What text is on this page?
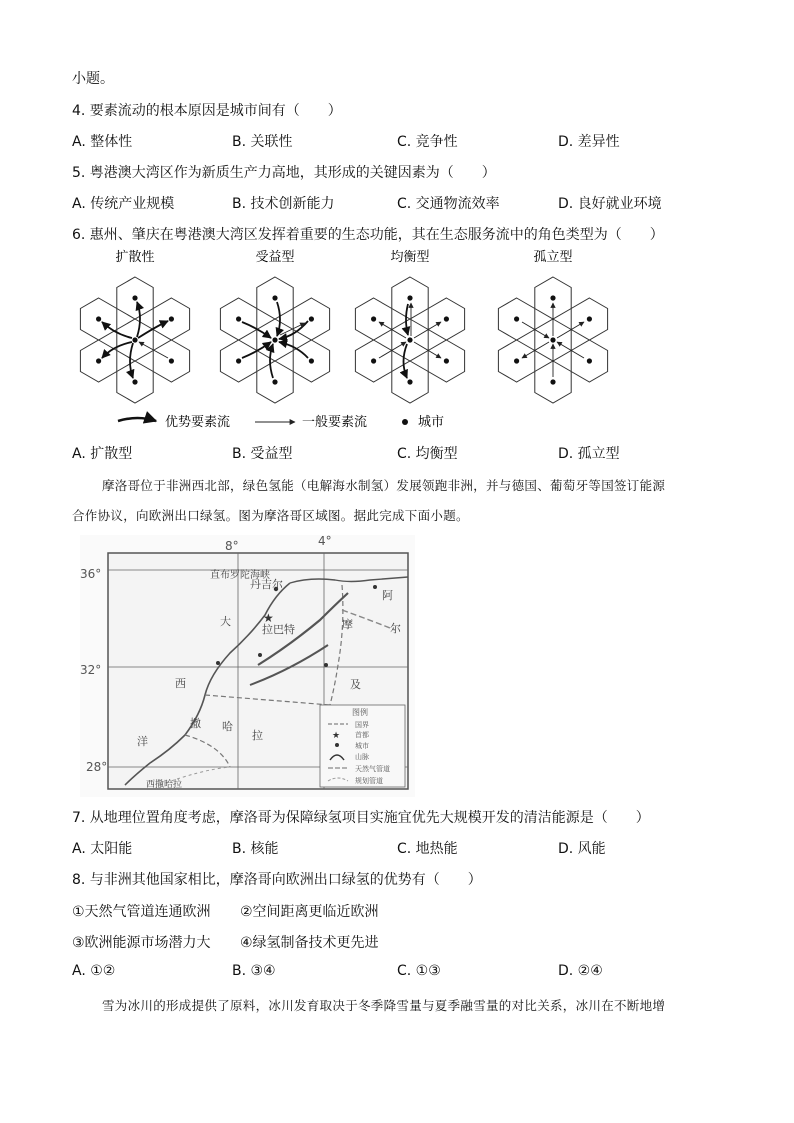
小题。
4. 要素流动的根本原因是城市间有（　　）
A. 整体性	B. 关联性	C. 竞争性	D. 差异性
5. 粤港澳大湾区作为新质生产力高地，其形成的关键因素为（　　）
A. 传统产业规模	B. 技术创新能力	C. 交通物流效率	D. 良好就业环境
6. 惠州、肇庆在粤港澳大湾区发挥着重要的生态功能，其在生态服务流中的角色类型为（　　）
扩散性	受益型	均衡型	孤立型
优势要素流	一般要素流	城市
A. 扩散型	B. 受益型	C. 均衡型	D. 孤立型
摩洛哥位于非洲西北部，绿色氢能（电解海水制氢）发展领跑非洲，并与德国、葡萄牙等国签订能源
合作协议，向欧洲出口绿氢。图为摩洛哥区域图。据此完成下面小题。
8°	4°
36°
32°
28°
★
直布罗陀海峡
丹吉尔
拉巴特
阿
摩	尔
大
西	及
洋
撒 哈
拉
西撒哈拉
图例
国界
★ 首都
城市
山脉
天然气管道
规划管道
7. 从地理位置角度考虑，摩洛哥为保障绿氢项目实施宜优先大规模开发的清洁能源是（　　）
A. 太阳能	B. 核能	C. 地热能	D. 风能
8. 与非洲其他国家相比，摩洛哥向欧洲出口绿氢的优势有（　　）
①天然气管道连通欧洲 ②空间距离更临近欧洲
③欧洲能源市场潜力大 ④绿氢制备技术更先进
A. ①②	B. ③④	C. ①③	D. ②④
雪为冰川的形成提供了原料，冰川发育取决于冬季降雪量与夏季融雪量的对比关系，冰川在不断地增
